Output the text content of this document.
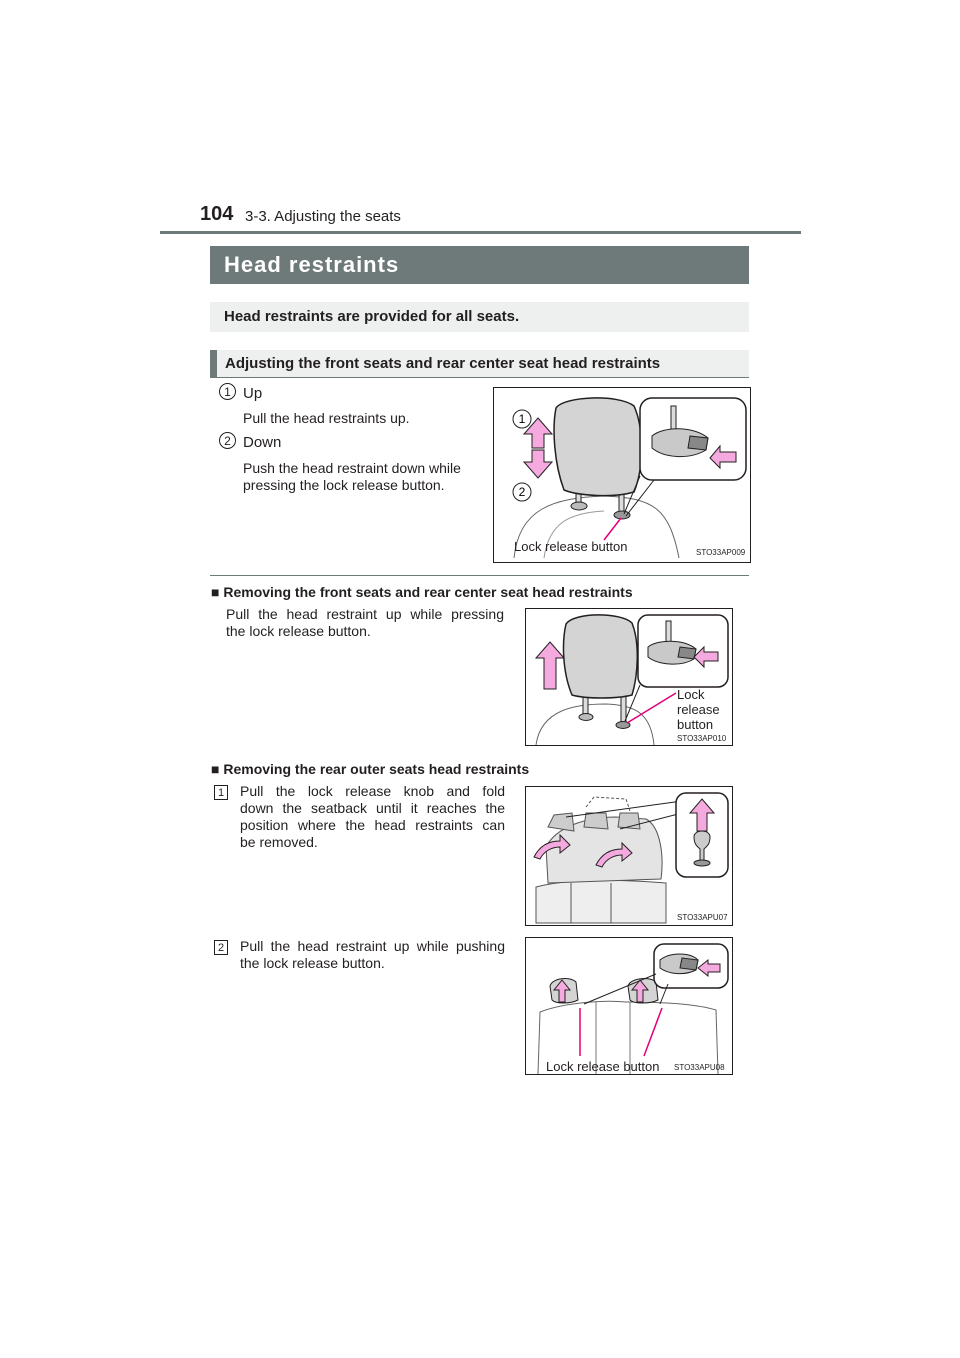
104 3-3. Adjusting the seats
Head restraints
Head restraints are provided for all seats.
Adjusting the front seats and rear center seat head restraints
1 Up
Pull the head restraints up.
2 Down
Push the head restraint down while
pressing the lock release button.
1
2
Lock release button	STO33AP009
■ Removing the front seats and rear center seat head restraints
Pull the head restraint up while pressing
the lock release button.
Lock
release
button
STO33AP010
■ Removing the rear outer seats head restraints
1 Pull the lock release knob and fold
down the seatback until it reaches the
position where the head restraints can
be removed.
STO33APU07
2 Pull the head restraint up while pushing
the lock release button.
Lock release button STO33APU08
